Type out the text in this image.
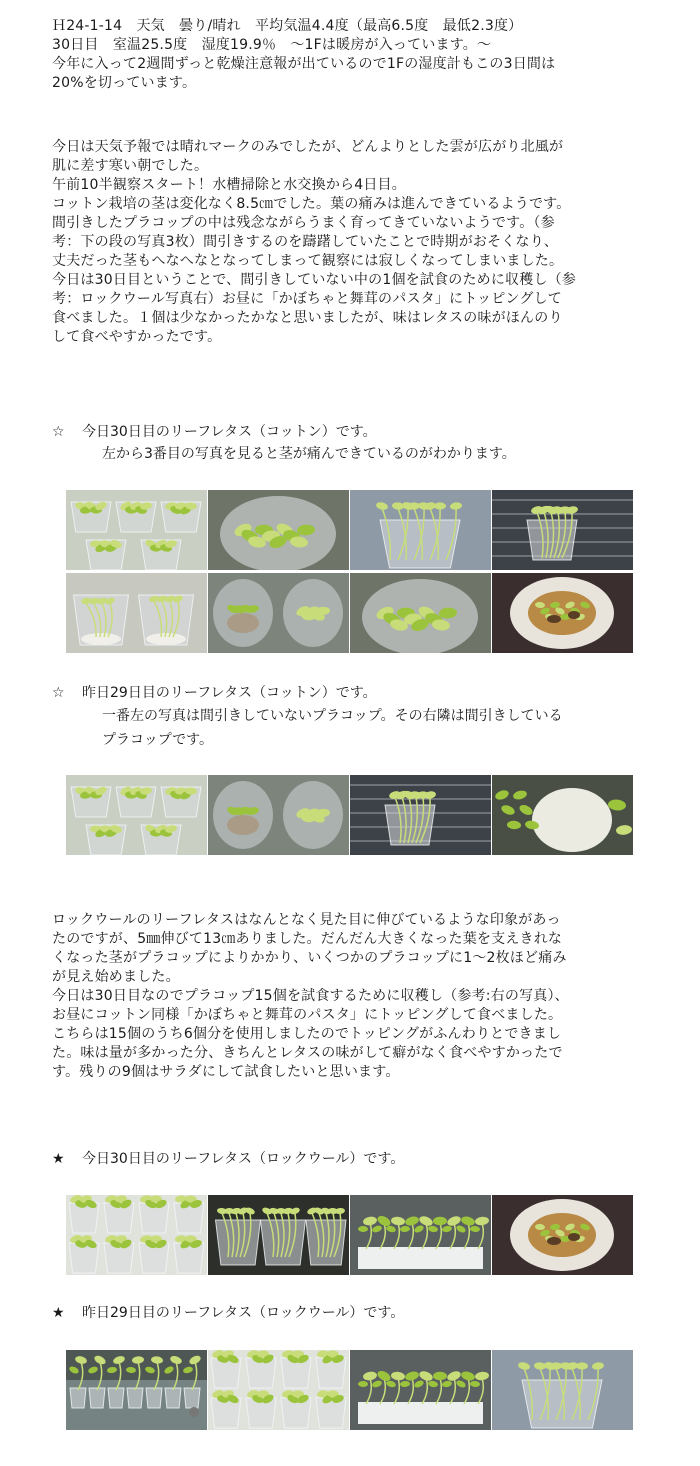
Ｈ24-1-14　天気　曇り/晴れ　平均気温4.4度（最高6.5度　最低2.3度）
30日目　室温25.5度　湿度19.9％　～1Fは暖房が入っています。～
今年に入って2週間ずっと乾燥注意報が出ているので1Fの湿度計もこの3日間は
20%を切っています。
今日は天気予報では晴れマークのみでしたが、どんよりとした雲が広がり北風が
肌に差す寒い朝でした。
午前10半観察スタート！水槽掃除と水交換から4日目。
コットン栽培の茎は変化なく8.5㎝でした。葉の痛みは進んできているようです。
間引きしたプラコップの中は残念ながらうまく育ってきていないようです。（参
考：下の段の写真3枚）間引きするのを躊躇していたことで時期がおそくなり、
丈夫だった茎もへなへなとなってしまって観察には寂しくなってしまいました。
今日は30日目ということで、間引きしていない中の1個を試食のために収穫し（参
考：ロックウール写真右）お昼に「かぼちゃと舞茸のパスタ」にトッピングして
食べました。１個は少なかったかなと思いましたが、味はレタスの味がほんのり
して食べやすかったです。
☆ 今日30日目のリーフレタス（コットン）です。
左から3番目の写真を見ると茎が痛んできているのがわかります。
☆ 昨日29日目のリーフレタス（コットン）です。
一番左の写真は間引きしていないプラコップ。その右隣は間引きしている
プラコップです。
ロックウールのリーフレタスはなんとなく見た目に伸びているような印象があっ
たのですが、5㎜伸びて13㎝ありました。だんだん大きくなった葉を支えきれな
くなった茎がプラコップによりかかり、いくつかのプラコップに1～2枚ほど痛み
が見え始めました。
今日は30日目なのでプラコップ15個を試食するために収穫し（参考:右の写真）、
お昼にコットン同様「かぼちゃと舞茸のパスタ」にトッピングして食べました。
こちらは15個のうち6個分を使用しましたのでトッピングがふんわりとできまし
た。味は量が多かった分、きちんとレタスの味がして癖がなく食べやすかったで
す。残りの9個はサラダにして試食したいと思います。
★ 今日30日目のリーフレタス（ロックウール）です。
★ 昨日29日目のリーフレタス（ロックウール）です。
